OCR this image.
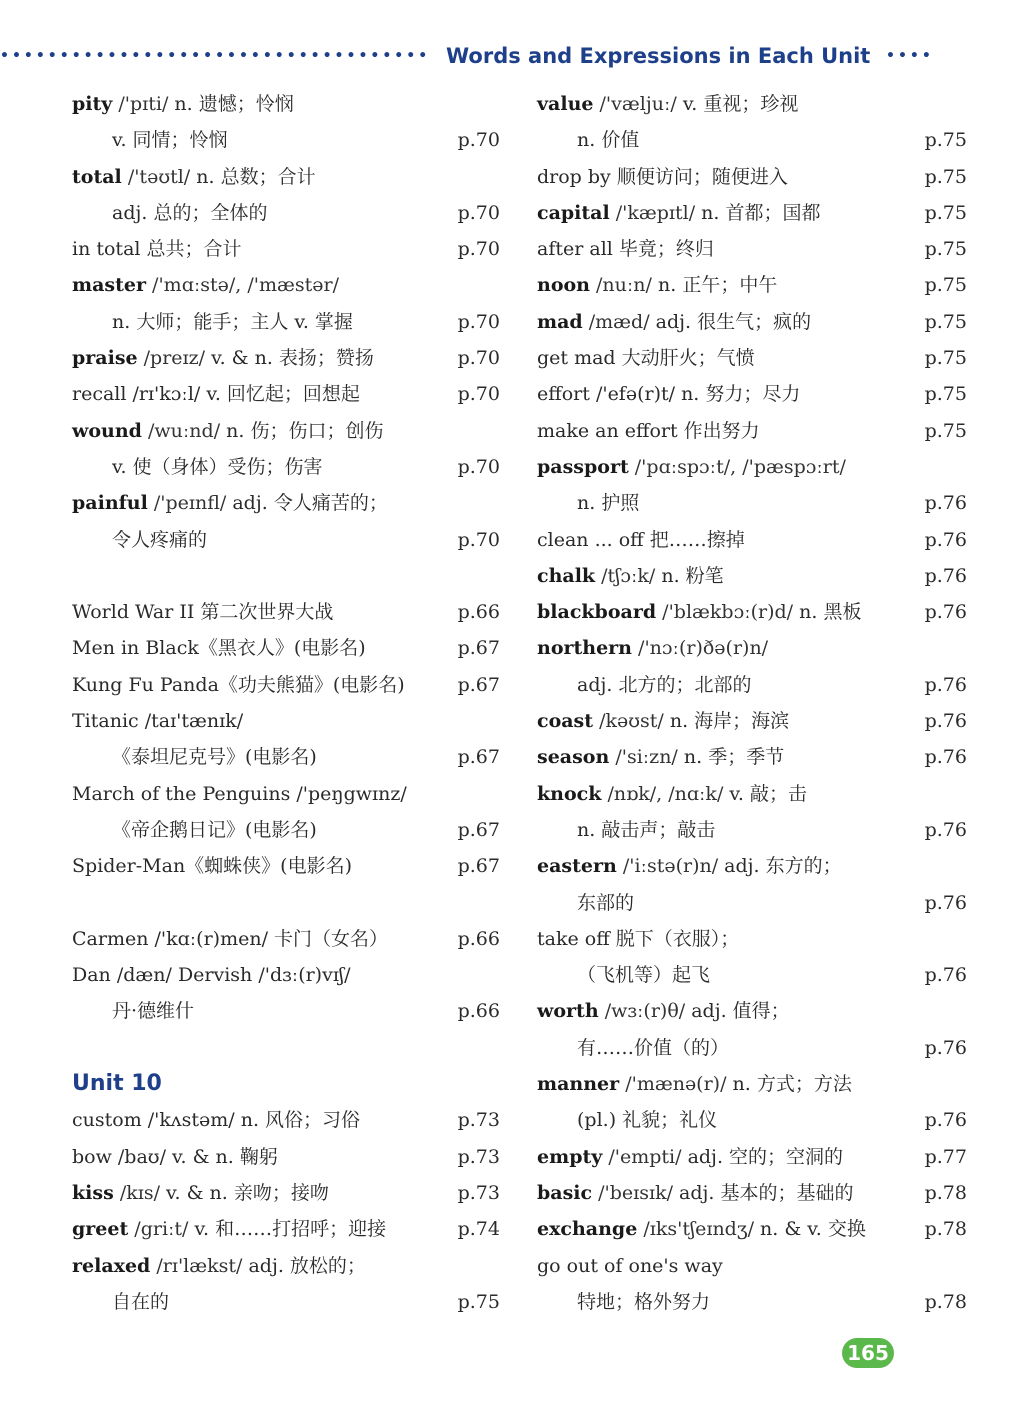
•••••••••••••••••••••••••••••••••••• Words and Expressions in Each Unit ••••
pity /'pɪti/ n. 遗憾；怜悯
v. 同情；怜悯	p.70
total /'təʊtl/ n. 总数；合计
adj. 总的；全体的	p.70
in total 总共；合计	p.70
master /'mɑːstə/, /'mæstər/
n. 大师；能手；主人 v. 掌握	p.70
praise /preɪz/ v. & n. 表扬；赞扬	p.70
recall /rɪ'kɔːl/ v. 回忆起；回想起	p.70
wound /wuːnd/ n. 伤；伤口；创伤
v. 使（身体）受伤；伤害	p.70
painful /'peɪnfl/ adj. 令人痛苦的；
令人疼痛的	p.70
World War II 第二次世界大战	p.66
Men in Black《黑衣人》(电影名)	p.67
Kung Fu Panda《功夫熊猫》(电影名)	p.67
Titanic /taɪ'tænɪk/
《泰坦尼克号》(电影名)	p.67
March of the Penguins /'peŋgwɪnz/
《帝企鹅日记》(电影名)	p.67
Spider-Man《蜘蛛侠》(电影名)	p.67
Carmen /'kɑː(r)men/ 卡门（女名）	p.66
Dan /dæn/ Dervish /'dɜː(r)vɪʃ/
丹·德维什	p.66
Unit 10
custom /'kʌstəm/ n. 风俗；习俗	p.73
bow /baʊ/ v. & n. 鞠躬	p.73
kiss /kɪs/ v. & n. 亲吻；接吻	p.73
greet /griːt/ v. 和……打招呼；迎接	p.74
relaxed /rɪ'lækst/ adj. 放松的；
自在的	p.75
value /'væljuː/ v. 重视；珍视
n. 价值	p.75
drop by 顺便访问；随便进入	p.75
capital /'kæpɪtl/ n. 首都；国都	p.75
after all 毕竟；终归	p.75
noon /nuːn/ n. 正午；中午	p.75
mad /mæd/ adj. 很生气；疯的	p.75
get mad 大动肝火；气愤	p.75
effort /'efə(r)t/ n. 努力；尽力	p.75
make an effort 作出努力	p.75
passport /'pɑːspɔːt/, /'pæspɔːrt/
n. 护照	p.76
clean ... off 把……擦掉	p.76
chalk /tʃɔːk/ n. 粉笔	p.76
blackboard /'blækbɔː(r)d/ n. 黑板	p.76
northern /'nɔː(r)ðə(r)n/
adj. 北方的；北部的	p.76
coast /kəʊst/ n. 海岸；海滨	p.76
season /'siːzn/ n. 季；季节	p.76
knock /nɒk/, /nɑːk/ v. 敲；击
n. 敲击声；敲击	p.76
eastern /'iːstə(r)n/ adj. 东方的；
东部的	p.76
take off 脱下（衣服）；
（飞机等）起飞	p.76
worth /wɜː(r)θ/ adj. 值得；
有……价值（的）	p.76
manner /'mænə(r)/ n. 方式；方法
(pl.) 礼貌；礼仪	p.76
empty /'empti/ adj. 空的；空洞的	p.77
basic /'beɪsɪk/ adj. 基本的；基础的	p.78
exchange /ɪks'tʃeɪndʒ/ n. & v. 交换	p.78
go out of one's way
特地；格外努力	p.78
165
